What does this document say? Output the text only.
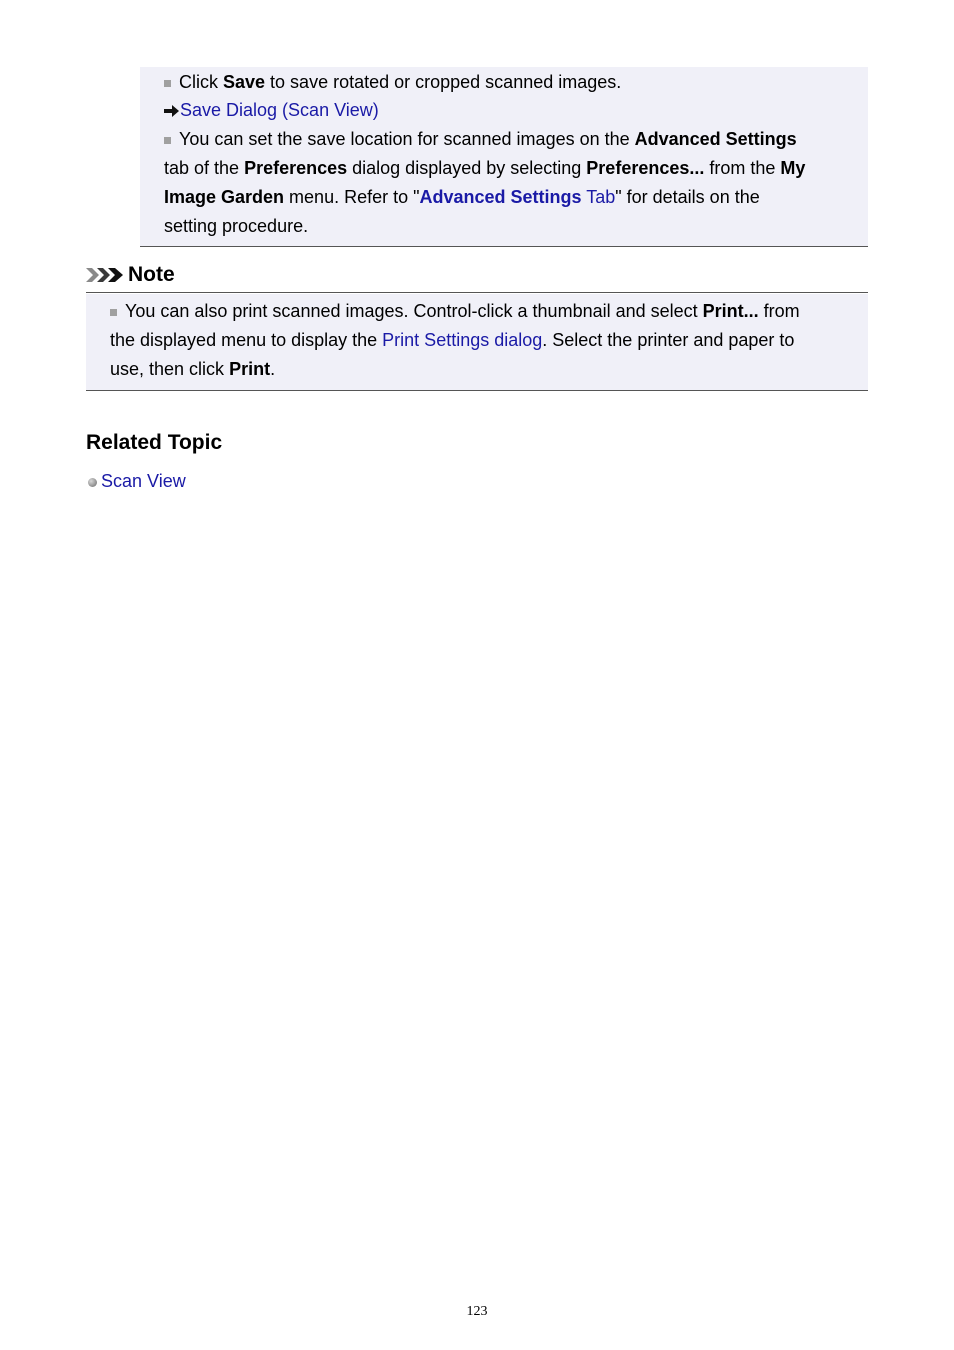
Click Save to save rotated or cropped scanned images.
Save Dialog (Scan View)
You can set the save location for scanned images on the Advanced Settings
tab of the Preferences dialog displayed by selecting Preferences... from the My
Image Garden menu. Refer to "Advanced Settings Tab" for details on the
setting procedure.
Note
You can also print scanned images. Control-click a thumbnail and select Print... from
the displayed menu to display the Print Settings dialog. Select the printer and paper to
use, then click Print.
Related Topic
Scan View
123
